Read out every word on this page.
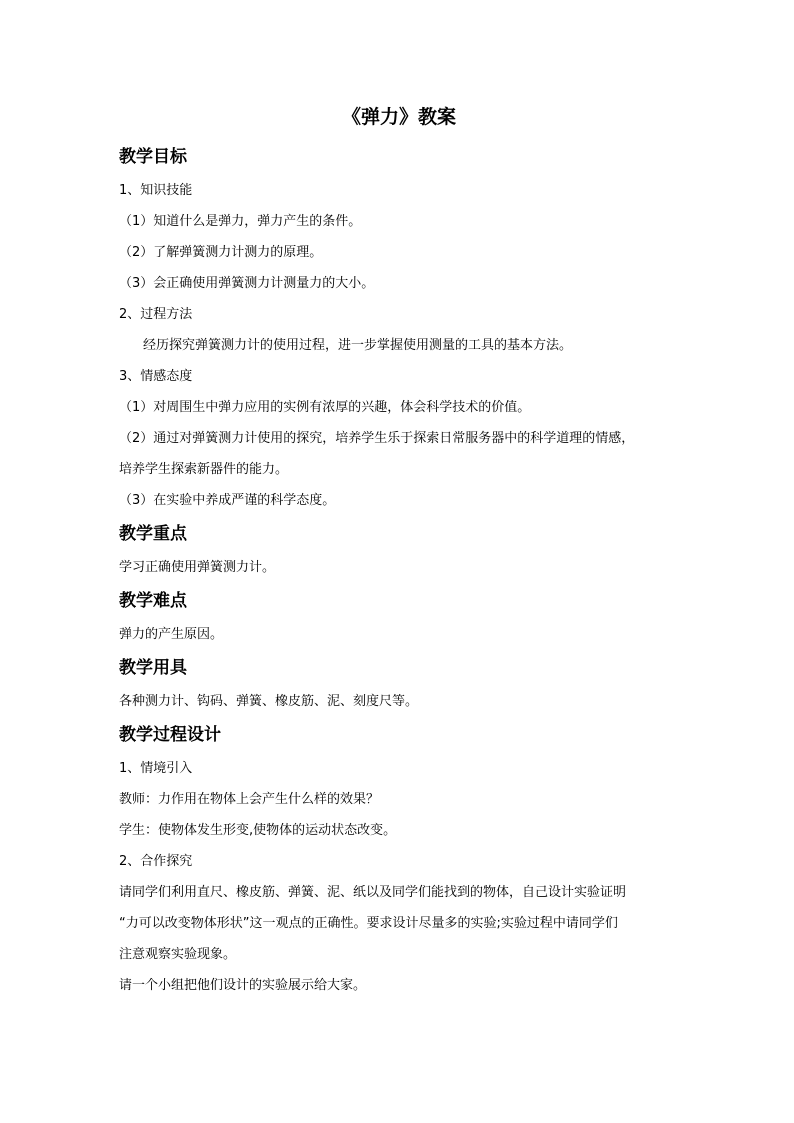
《弹力》教案
教学目标
1、知识技能
（1）知道什么是弹力，弹力产生的条件。
（2）了解弹簧测力计测力的原理。
（3）会正确使用弹簧测力计测量力的大小。
2、过程方法
经历探究弹簧测力计的使用过程，进一步掌握使用测量的工具的基本方法。
3、情感态度
（1）对周围生中弹力应用的实例有浓厚的兴趣，体会科学技术的价值。
（2）通过对弹簧测力计使用的探究，培养学生乐于探索日常服务器中的科学道理的情感，
培养学生探索新器件的能力。
（3）在实验中养成严谨的科学态度。
教学重点
学习正确使用弹簧测力计。
教学难点
弹力的产生原因。
教学用具
各种测力计、钩码、弹簧、橡皮筋、泥、刻度尺等。
教学过程设计
1、情境引入
教师：力作用在物体上会产生什么样的效果？
学生：使物体发生形变,使物体的运动状态改变。
2、合作探究
请同学们利用直尺、橡皮筋、弹簧、泥、纸以及同学们能找到的物体，自己设计实验证明
“力可以改变物体形状”这一观点的正确性。要求设计尽量多的实验;实验过程中请同学们
注意观察实验现象。
请一个小组把他们设计的实验展示给大家。
